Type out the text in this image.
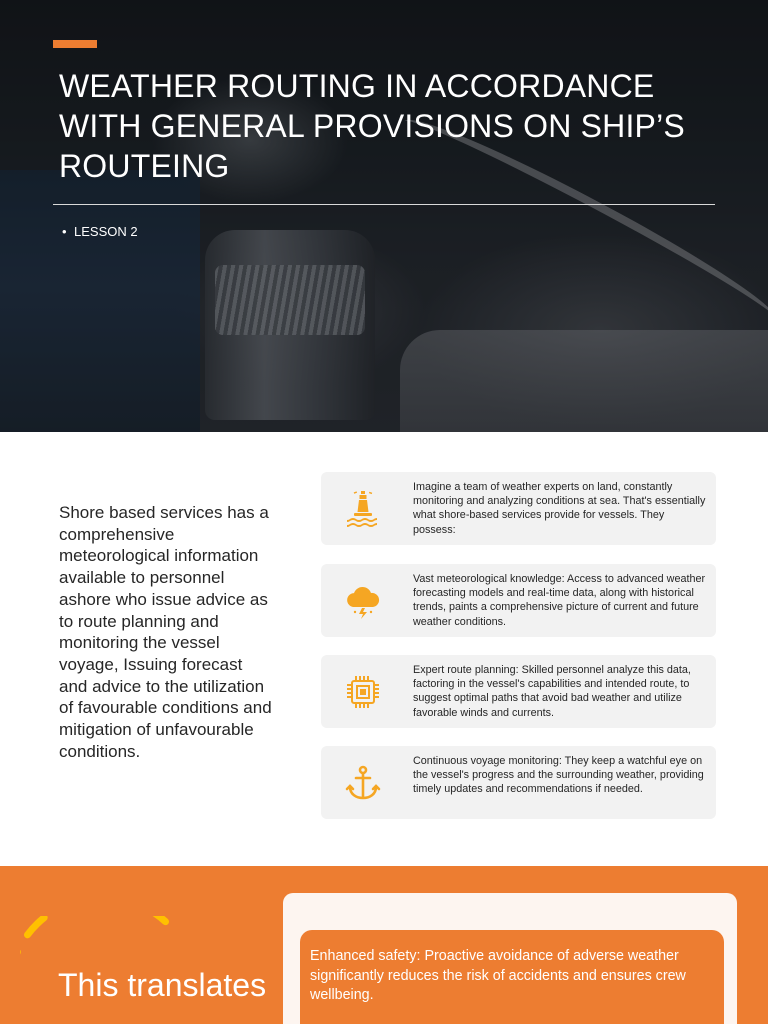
WEATHER ROUTING IN ACCORDANCE WITH GENERAL PROVISIONS ON SHIP’S ROUTEING
• LESSON 2

Shore based services has a comprehensive meteorological information available to personnel ashore who issue advice as to route planning and monitoring the vessel voyage, Issuing forecast and advice to the utilization of favourable conditions and mitigation of unfavourable conditions.

Imagine a team of weather experts on land, constantly monitoring and analyzing conditions at sea. That's essentially what shore-based services provide for vessels. They possess:
Vast meteorological knowledge: Access to advanced weather forecasting models and real-time data, along with historical trends, paints a comprehensive picture of current and future weather conditions.
Expert route planning: Skilled personnel analyze this data, factoring in the vessel's capabilities and intended route, to suggest optimal paths that avoid bad weather and utilize favorable winds and currents.
Continuous voyage monitoring: They keep a watchful eye on the vessel's progress and the surrounding weather, providing timely updates and recommendations if needed.
This translates
Enhanced safety: Proactive avoidance of adverse weather significantly reduces the risk of accidents and ensures crew wellbeing.
